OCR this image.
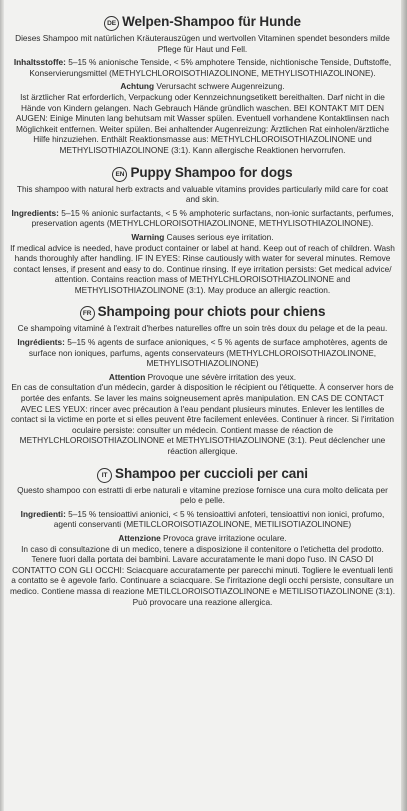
DE Welpen-Shampoo für Hunde

Dieses Shampoo mit natürlichen Kräuterauszügen und wertvollen Vitaminen spendet besonders milde Pflege für Haut und Fell.

Inhaltsstoffe: 5–15 % anionische Tenside, < 5% amphotere Tenside, nichtionische Tenside, Duftstoffe, Konservierungsmittel (METHYLCHLOROISOTHIAZOLINONE, METHYLISOTHIAZOLINONE).

Achtung Verursacht schwere Augenreizung.

Ist ärztlicher Rat erforderlich, Verpackung oder Kennzeichnungsetikett bereithalten. Darf nicht in die Hände von Kindern gelangen. Nach Gebrauch Hände gründlich waschen. BEI KONTAKT MIT DEN AUGEN: Einige Minuten lang behutsam mit Wasser spülen. Eventuell vorhandene Kontaktlinsen nach Möglichkeit entfernen. Weiter spülen. Bei anhaltender Augenreizung: Ärztlichen Rat einholen/ärztliche Hilfe hinzuziehen. Enthält Reaktionsmasse aus: METHYLCHLOROISOTHIAZOLINONE und METHYLISOTHIAZOLINONE (3:1). Kann allergische Reaktionen hervorrufen.

EN Puppy Shampoo for dogs

This shampoo with natural herb extracts and valuable vitamins provides particularly mild care for coat and skin.

Ingredients: 5–15 % anionic surfactants, < 5 % amphoteric surfactans, non-ionic surfactants, perfumes, preservation agents (METHYLCHLOROISOTHIAZOLINONE, METHYLISOTHIAZOLINONE).

Warning Causes serious eye irritation.

If medical advice is needed, have product container or label at hand. Keep out of reach of children. Wash hands thoroughly after handling. IF IN EYES: Rinse cautiously with water for several minutes. Remove contact lenses, if present and easy to do. Continue rinsing. If eye irritation persists: Get medical advice/ attention. Contains reaction mass of METHYLCHLOROISOTHIAZOLINONE and METHYLISOTHIAZOLINONE (3:1). May produce an allergic reaction.

FR Shampoing pour chiots pour chiens

Ce shampoing vitaminé à l'extrait d'herbes naturelles offre un soin très doux du pelage et de la peau.

Ingrédients: 5–15 % agents de surface anioniques, < 5 % agents de surface amphotères, agents de surface non ioniques, parfums, agents conservateurs (METHYLCHLOROISOTHIAZOLINONE, METHYLISOTHIAZOLINONE)

Attention Provoque une sévère irritation des yeux.

En cas de consultation d'un médecin, garder à disposition le récipient ou l'étiquette. À conserver hors de portée des enfants. Se laver les mains soigneusement après manipulation. EN CAS DE CONTACT AVEC LES YEUX: rincer avec précaution à l'eau pendant plusieurs minutes. Enlever les lentilles de contact si la victime en porte et si elles peuvent être facilement enlevées. Continuer à rincer. Si l'irritation oculaire persiste: consulter un médecin. Contient masse de réaction de METHYLCHLOROISOTHIAZOLINONE et METHYLISOTHIAZOLINONE (3:1). Peut déclencher une réaction allergique.

IT Shampoo per cuccioli per cani

Questo shampoo con estratti di erbe naturali e vitamine preziose fornisce una cura molto delicata per pelo e pelle.

Ingredienti: 5–15 % tensioattivi anionici, < 5 % tensioattivi anfoteri, tensioattivi non ionici, profumo, agenti conservanti (METILCLOROISOTIAZOLINONE, METILISOTIAZOLINONE)

Attenzione Provoca grave irritazione oculare.

In caso di consultazione di un medico, tenere a disposizione il contenitore o l'etichetta del prodotto. Tenere fuori dalla portata dei bambini. Lavare accuratamente le mani dopo l'uso. IN CASO DI CONTATTO CON GLI OCCHI: Sciacquare accuratamente per parecchi minuti. Togliere le eventuali lenti a contatto se è agevole farlo. Continuare a sciacquare. Se l'irritazione degli occhi persiste, consultare un medico. Contiene massa di reazione METILCLOROISOTIAZOLINONE e METILISOTIAZOLINONE (3:1). Può provocare una reazione allergica.
